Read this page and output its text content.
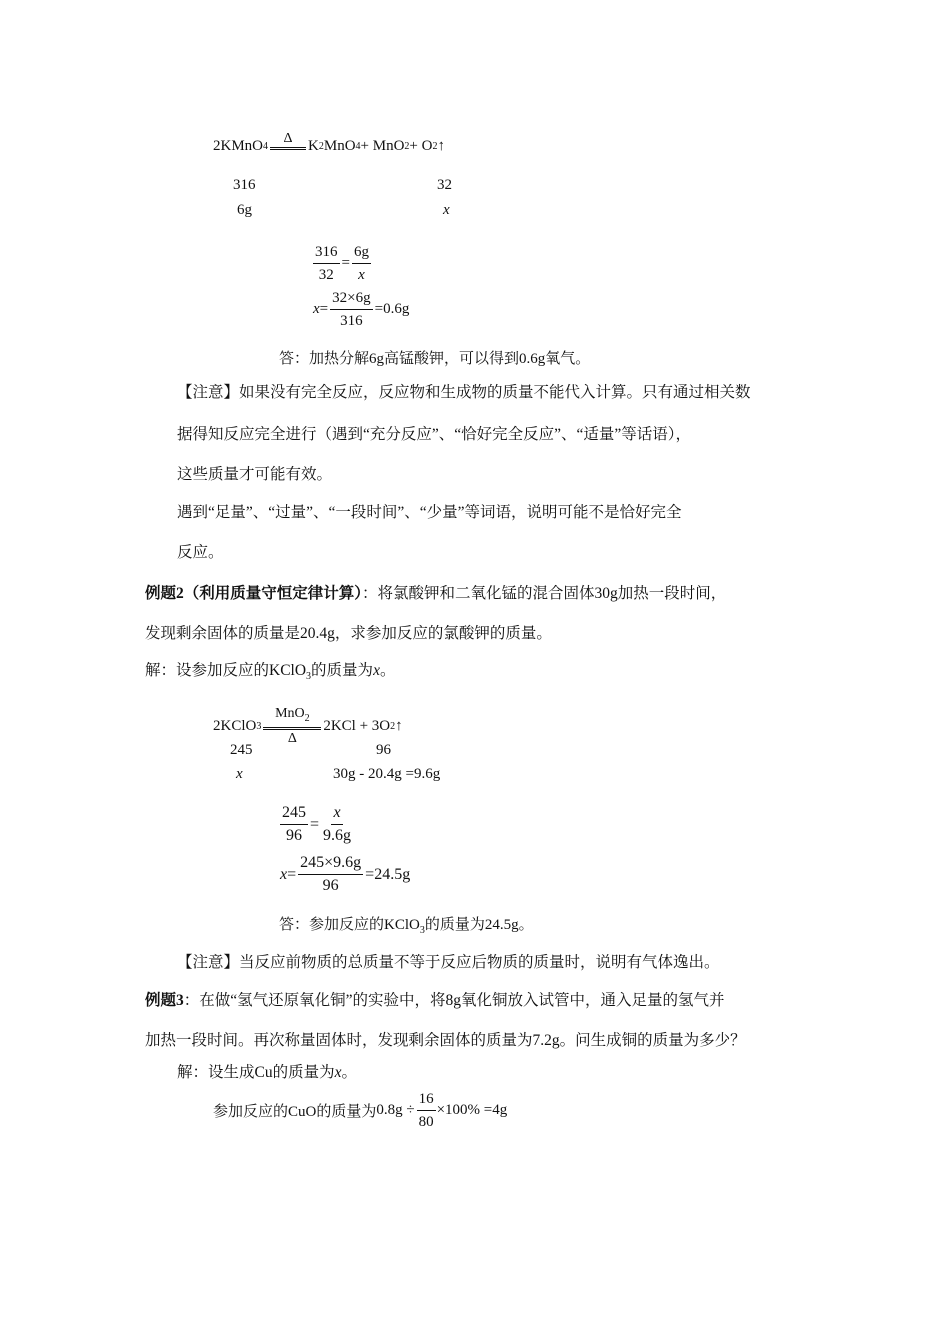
2KMnO 4
Δ K 2 MnO 4 + MnO 2 + O 2 ↑
316	32
6g	x
$\frac{316}{32} = \frac{6g}{x}$
$x = \frac{32\times 6g}{316} =0.6g$
答：加热分解6g高锰酸钾，可以得到0.6g氧气。
【注意】如果没有完全反应，反应物和生成物的质量不能代入计算。只有通过相关数
据得知反应完全进行（遇到“充分反应”、“恰好完全反应”、“适量”等话语），
这些质量才可能有效。
遇到“足量”、“过量”、“一段时间”、“少量”等词语，说明可能不是恰好完全
反应。
例题2（利用质量守恒定律计算）：将氯酸钾和二氧化锰的混合固体30g加热一段时间，
发现剩余固体的质量是20.4g，求参加反应的氯酸钾的质量。
解：设参加反应的KClO$_3$的质量为x。
2KClO 3
MnO$_2$
Δ
2KCl + 3O 2 ↑
245	96
x	30g - 20.4g =9.6g
$\frac{245}{96} = \frac{x}{9.6g}$
$x = \frac{245\times 9.6g}{96} =24.5g$
答：参加反应的KClO$_3$的质量为24.5g。
【注意】当反应前物质的总质量不等于反应后物质的质量时，说明有气体逸出。
例题3：在做“氢气还原氧化铜”的实验中，将8g氧化铜放入试管中，通入足量的氢气并
加热一段时间。再次称量固体时，发现剩余固体的质量为7.2g。问生成铜的质量为多少？
解：设生成Cu的质量为x。
参加反应的CuO的质量为 $0.8g \div \frac{16}{80} \times 100\% =4g$
